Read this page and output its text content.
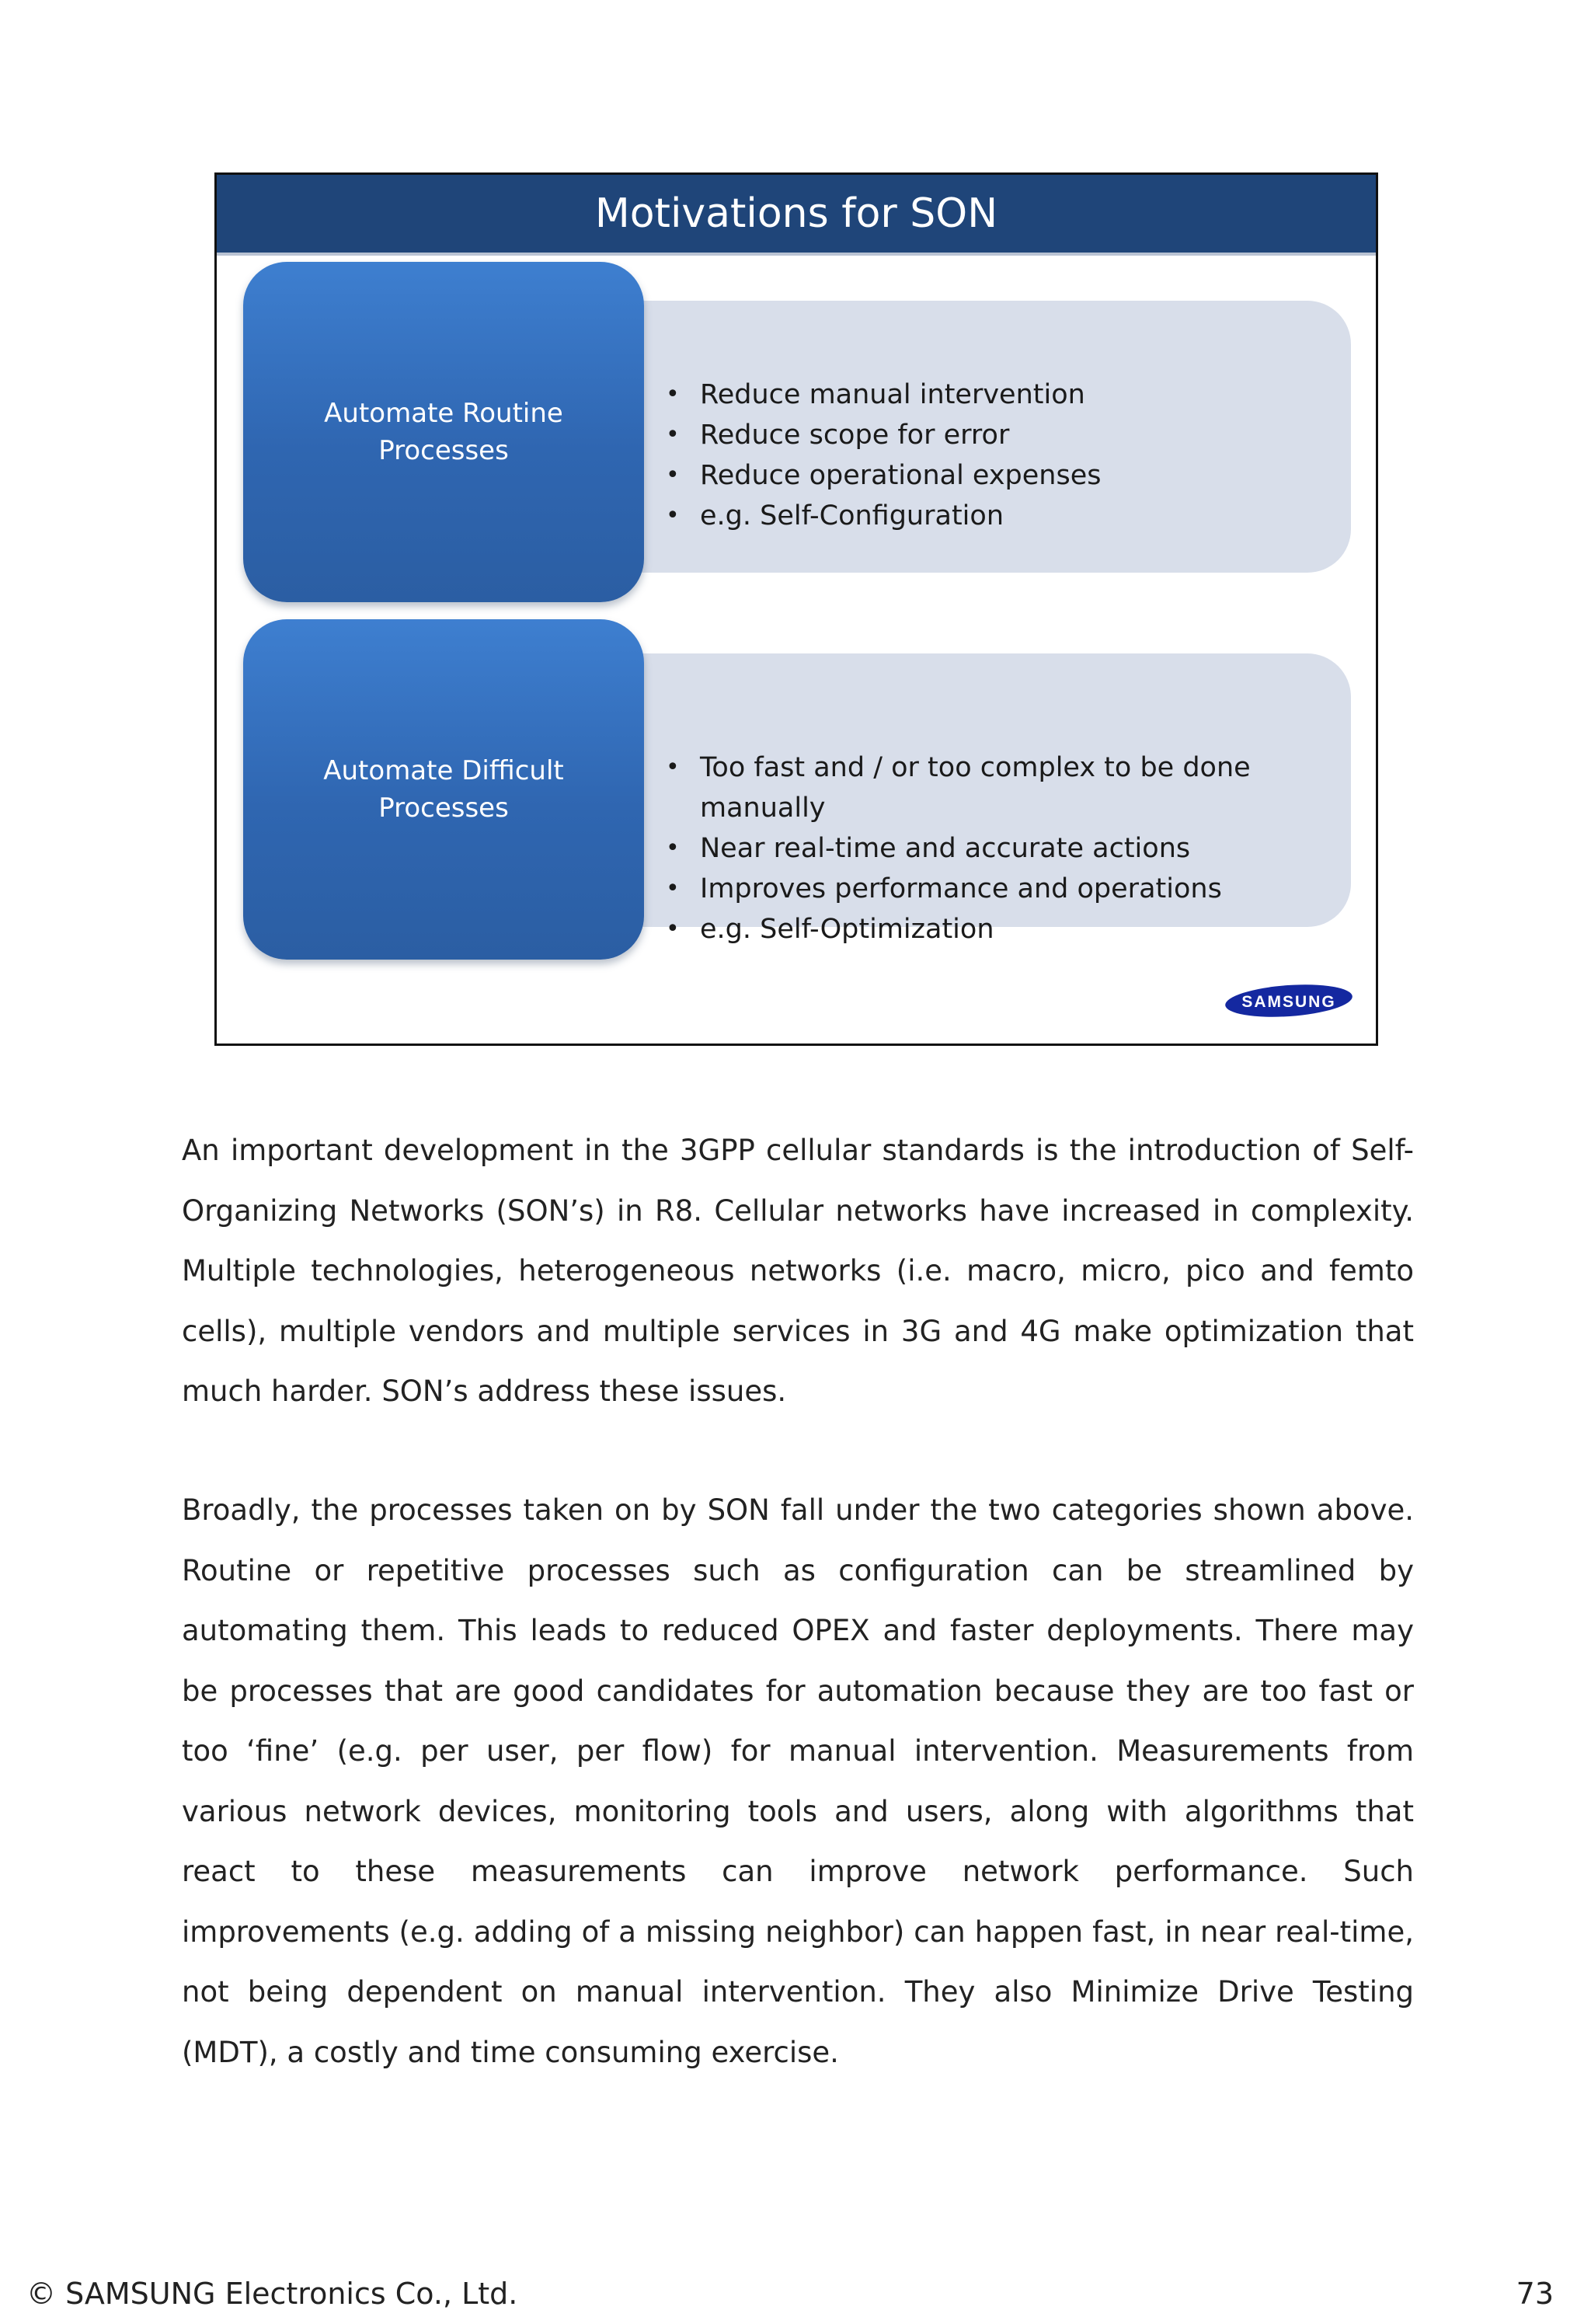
Motivations for SON
Automate Routine Processes
• Reduce manual intervention
• Reduce scope for error
• Reduce operational expenses
• e.g. Self-Configuration
Automate Difficult Processes
• Too fast and / or too complex to be done manually
• Near real-time and accurate actions
• Improves performance and operations
• e.g. Self-Optimization
SAMSUNG

An important development in the 3GPP cellular standards is the introduction of Self-Organizing Networks (SON’s) in R8. Cellular networks have increased in complexity. Multiple technologies, heterogeneous networks (i.e. macro, micro, pico and femto cells), multiple vendors and multiple services in 3G and 4G make optimization that much harder. SON’s address these issues.

Broadly, the processes taken on by SON fall under the two categories shown above. Routine or repetitive processes such as configuration can be streamlined by automating them. This leads to reduced OPEX and faster deployments. There may be processes that are good candidates for automation because they are too fast or too ‘fine’ (e.g. per user, per flow) for manual intervention. Measurements from various network devices, monitoring tools and users, along with algorithms that react to these measurements can improve network performance. Such improvements (e.g. adding of a missing neighbor) can happen fast, in near real-time, not being dependent on manual intervention. They also Minimize Drive Testing (MDT), a costly and time consuming exercise.

© SAMSUNG Electronics Co., Ltd.	73
